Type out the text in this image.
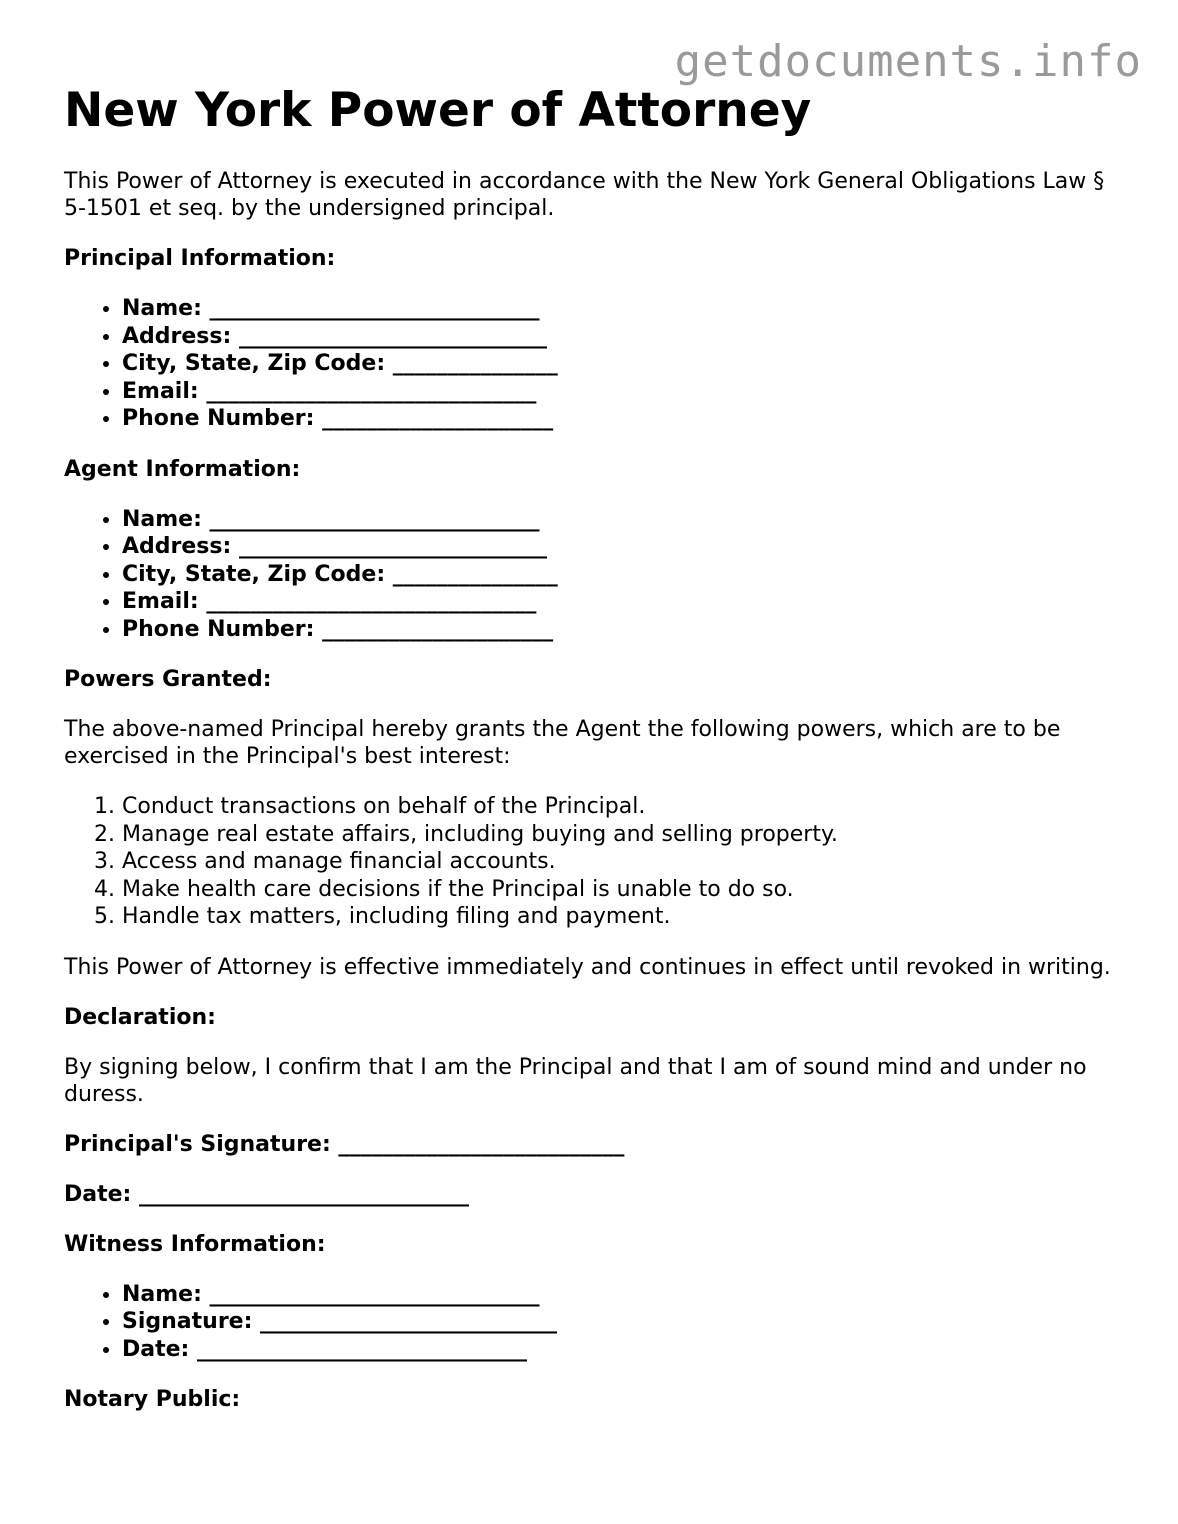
getdocuments.info
New York Power of Attorney

This Power of Attorney is executed in accordance with the New York General Obligations Law § 5-1501 et seq. by the undersigned principal.

Principal Information:

• Name: ______________________________
• Address: ____________________________
• City, State, Zip Code: _______________
• Email: ______________________________
• Phone Number: _____________________

Agent Information:

• Name: ______________________________
• Address: ____________________________
• City, State, Zip Code: _______________
• Email: ______________________________
• Phone Number: _____________________

Powers Granted:

The above-named Principal hereby grants the Agent the following powers, which are to be exercised in the Principal's best interest:

1. Conduct transactions on behalf of the Principal.
2. Manage real estate affairs, including buying and selling property.
3. Access and manage financial accounts.
4. Make health care decisions if the Principal is unable to do so.
5. Handle tax matters, including filing and payment.

This Power of Attorney is effective immediately and continues in effect until revoked in writing.

Declaration:

By signing below, I confirm that I am the Principal and that I am of sound mind and under no duress.

Principal's Signature: __________________________

Date: ______________________________

Witness Information:

• Name: ______________________________
• Signature: ___________________________
• Date: ______________________________

Notary Public:
